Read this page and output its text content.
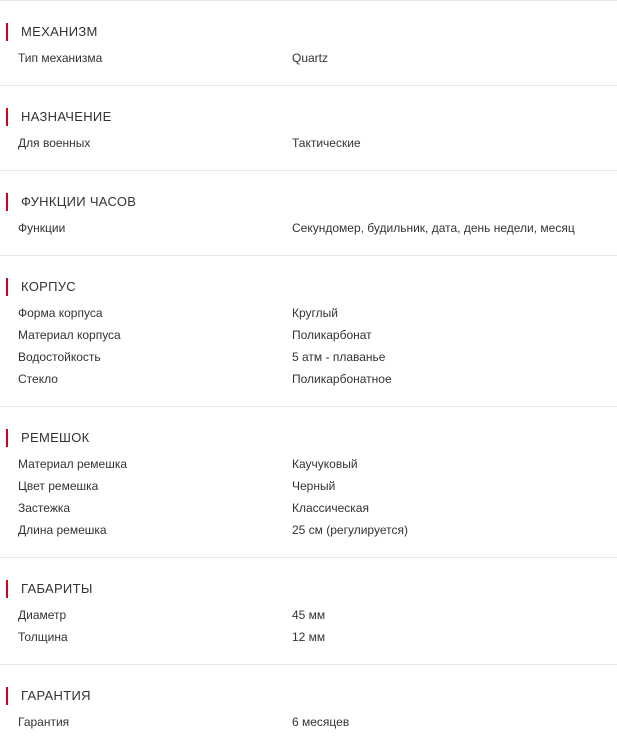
МЕХАНИЗМ
Тип механизма	Quartz
НАЗНАЧЕНИЕ
Для военных	Тактические
ФУНКЦИИ ЧАСОВ
Функции	Секундомер, будильник, дата, день недели, месяц
КОРПУС
Форма корпуса	Круглый
Материал корпуса	Поликарбонат
Водостойкость	5 атм - плаванье
Стекло	Поликарбонатное
РЕМЕШОК
Материал ремешка	Каучуковый
Цвет ремешка	Черный
Застежка	Классическая
Длина ремешка	25 см (регулируется)
ГАБАРИТЫ
Диаметр	45 мм
Толщина	12 мм
ГАРАНТИЯ
Гарантия	6 месяцев
